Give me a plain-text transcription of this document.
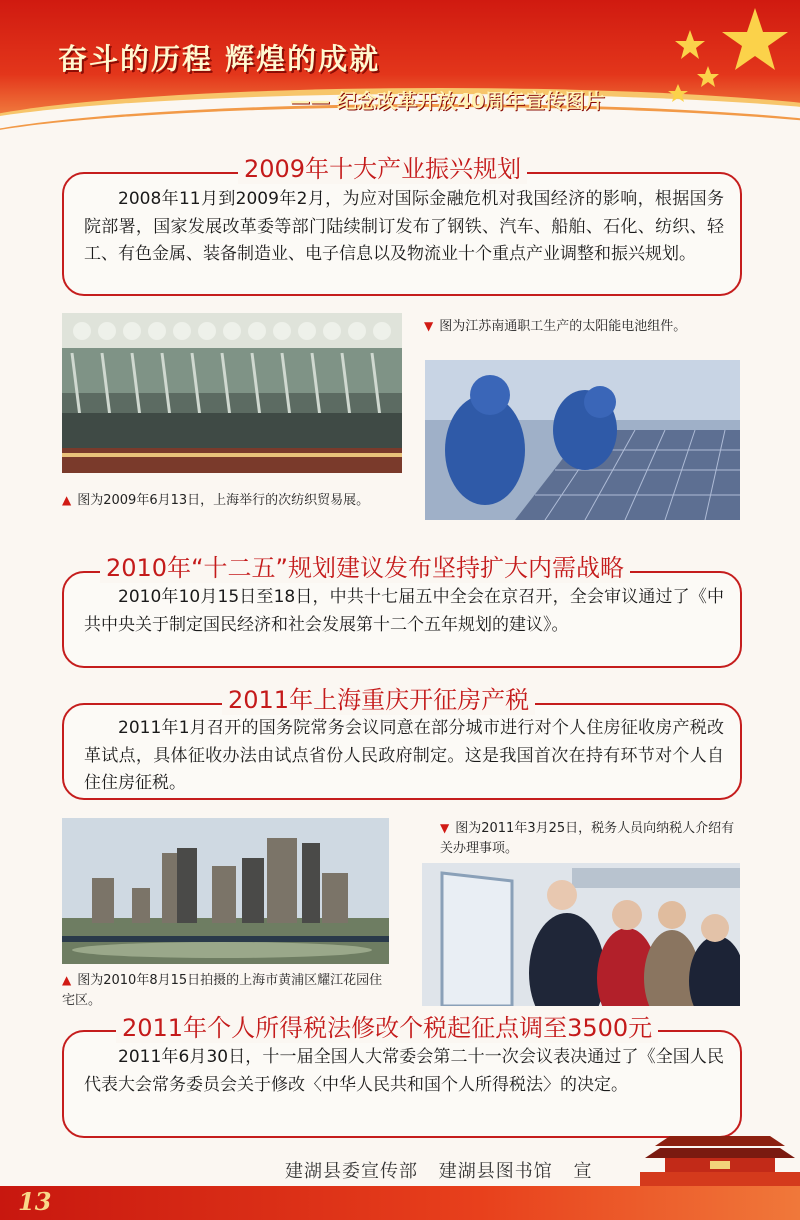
奋斗的历程 辉煌的成就
—— 纪念改革开放40周年宣传图片
2009年十大产业振兴规划
2008年11月到2009年2月，为应对国际金融危机对我国经济的影响，根据国务院部署，国家发展改革委等部门陆续制订发布了钢铁、汽车、船舶、石化、纺织、轻工、有色金属、装备制造业、电子信息以及物流业十个重点产业调整和振兴规划。
▲ 图为2009年6月13日，上海举行的次纺织贸易展。
▼ 图为江苏南通职工生产的太阳能电池组件。
2010年“十二五”规划建议发布坚持扩大内需战略
2010年10月15日至18日，中共十七届五中全会在京召开，全会审议通过了《中共中央关于制定国民经济和社会发展第十二个五年规划的建议》。
2011年上海重庆开征房产税
2011年1月召开的国务院常务会议同意在部分城市进行对个人住房征收房产税改革试点，具体征收办法由试点省份人民政府制定。这是我国首次在持有环节对个人自住住房征税。
▲ 图为2010年8月15日拍摄的上海市黄浦区耀江花园住宅区。
▼ 图为2011年3月25日，税务人员向纳税人介绍有关办理事项。
2011年个人所得税法修改个税起征点调至3500元
2011年6月30日，十一届全国人大常委会第二十一次会议表决通过了《全国人民代表大会常务委员会关于修改〈中华人民共和国个人所得税法〉的决定。
建湖县委宣传部 建湖县图书馆 宣
13
